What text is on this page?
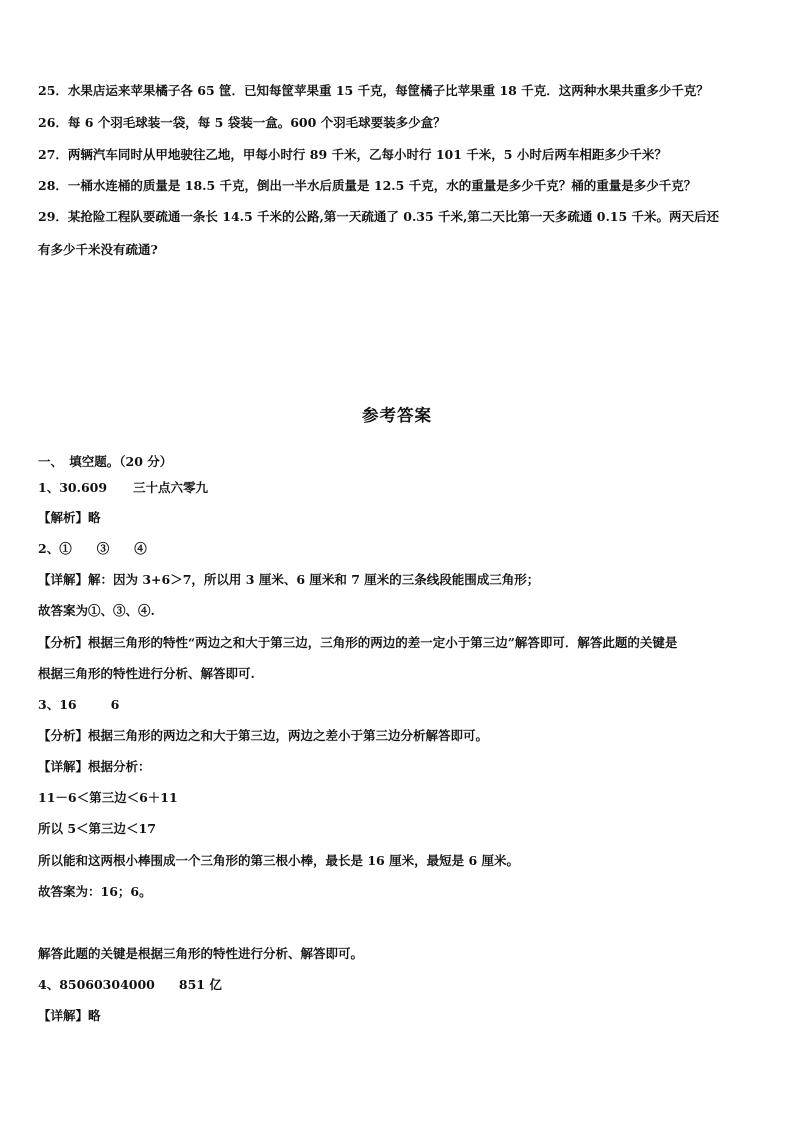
25．水果店运来苹果橘子各 65 筐．已知每筐苹果重 15 千克，每筐橘子比苹果重 18 千克．这两种水果共重多少千克？
26．每 6 个羽毛球装一袋，每 5 袋装一盒。600 个羽毛球要装多少盒？
27．两辆汽车同时从甲地驶往乙地，甲每小时行 89 千米，乙每小时行 101 千米，5 小时后两车相距多少千米？
28．一桶水连桶的质量是 18.5 千克，倒出一半水后质量是 12.5 千克，水的重量是多少千克？桶的重量是多少千克？
29．某抢险工程队要疏通一条长 14.5 千米的公路,第一天疏通了 0.35 千米,第二天比第一天多疏通 0.15 千米。两天后还
有多少千米没有疏通?
参考答案
一、　填空题。（20 分）
1、30.609 三十点六零九
【解析】略
2、①　　③　　④
【详解】解：因为 3+6＞7，所以用 3 厘米、6 厘米和 7 厘米的三条线段能围成三角形；
故答案为①、③、④.
【分析】根据三角形的特性“两边之和大于第三边，三角形的两边的差一定小于第三边”解答即可．解答此题的关键是
根据三角形的特性进行分析、解答即可.
3、16	6
【分析】根据三角形的两边之和大于第三边，两边之差小于第三边分析解答即可。
【详解】根据分析：
11－6＜第三边＜6＋11
所以 5＜第三边＜17
所以能和这两根小棒围成一个三角形的第三根小棒，最长是 16 厘米，最短是 6 厘米。
故答案为：16；6。
解答此题的关键是根据三角形的特性进行分析、解答即可。
4、85060304000 851 亿
【详解】略
